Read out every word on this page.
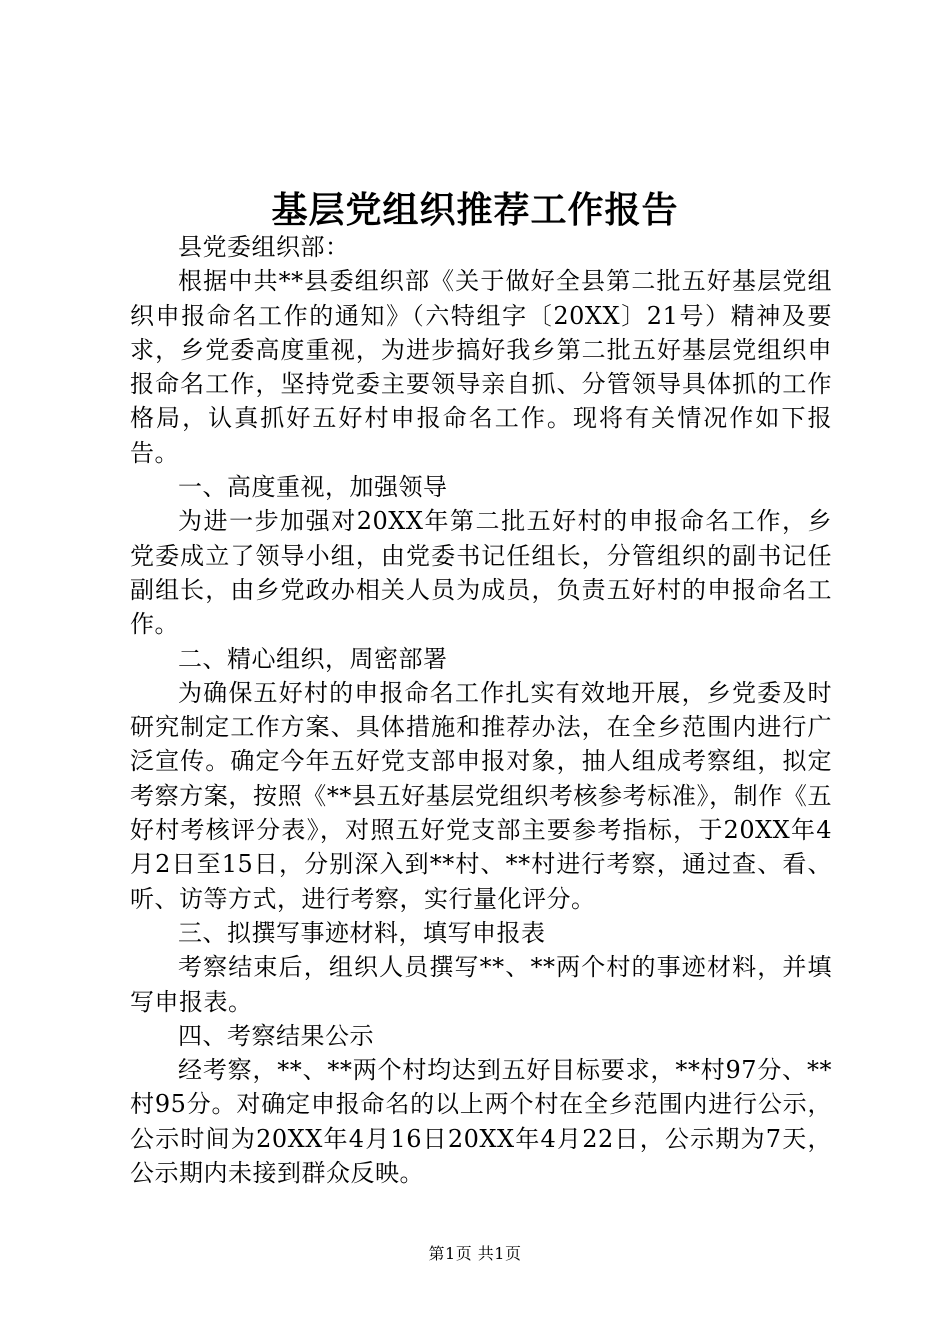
基层党组织推荐工作报告

县党委组织部：

根据中共**县委组织部《关于做好全县第二批五好基层党组织申报命名工作的通知》（六特组字〔20XX〕21号）精神及要求，乡党委高度重视，为进步搞好我乡第二批五好基层党组织申报命名工作，坚持党委主要领导亲自抓、分管领导具体抓的工作格局，认真抓好五好村申报命名工作。现将有关情况作如下报告。

一、高度重视，加强领导

为进一步加强对20XX年第二批五好村的申报命名工作，乡党委成立了领导小组，由党委书记任组长，分管组织的副书记任副组长，由乡党政办相关人员为成员，负责五好村的申报命名工作。

二、精心组织，周密部署

为确保五好村的申报命名工作扎实有效地开展，乡党委及时研究制定工作方案、具体措施和推荐办法，在全乡范围内进行广泛宣传。确定今年五好党支部申报对象，抽人组成考察组，拟定考察方案，按照《**县五好基层党组织考核参考标准》，制作《五好村考核评分表》，对照五好党支部主要参考指标，于20XX年4月2日至15日，分别深入到**村、**村进行考察，通过查、看、听、访等方式，进行考察，实行量化评分。

三、拟撰写事迹材料，填写申报表

考察结束后，组织人员撰写**、**两个村的事迹材料，并填写申报表。

四、考察结果公示

经考察，**、**两个村均达到五好目标要求，**村97分、**村95分。对确定申报命名的以上两个村在全乡范围内进行公示，公示时间为20XX年4月16日20XX年4月22日，公示期为7天，公示期内未接到群众反映。

第1页 共1页
